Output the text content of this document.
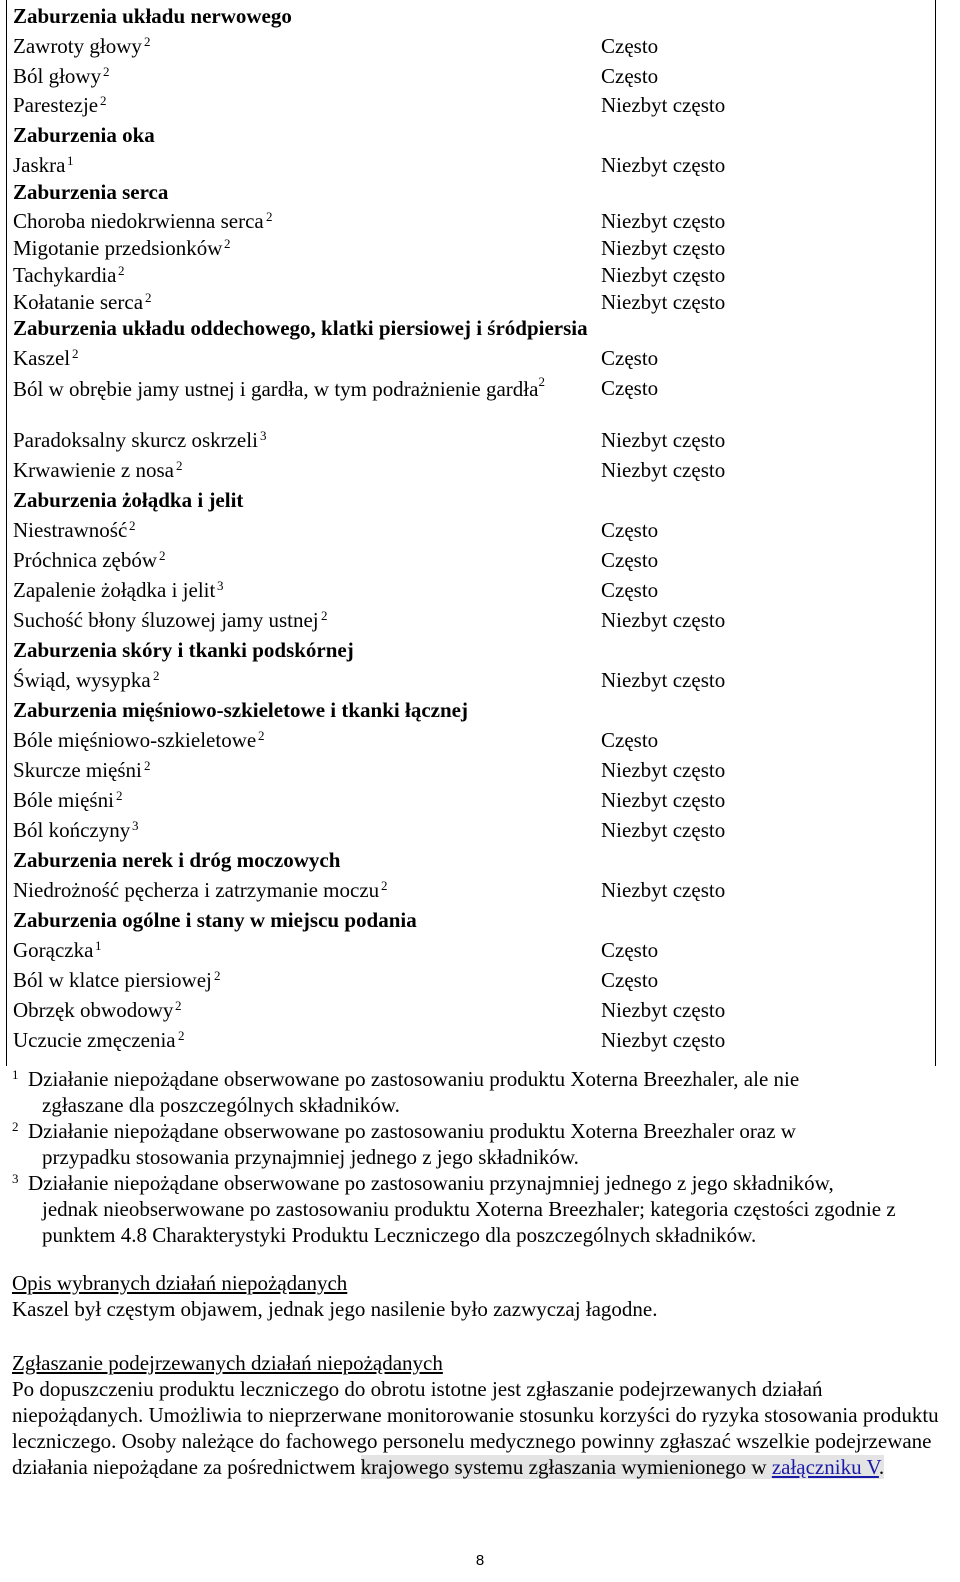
Zaburzenia układu nerwowego
Zawroty głowy 2	Często
Ból głowy 2	Często
Parestezje 2	Niezbyt często
Zaburzenia oka
Jaskra 1	Niezbyt często
Zaburzenia serca
Choroba niedokrwienna serca 2	Niezbyt często
Migotanie przedsionków 2	Niezbyt często
Tachykardia 2	Niezbyt często
Kołatanie serca 2	Niezbyt często
Zaburzenia układu oddechowego, klatki piersiowej i śródpiersia
Kaszel 2	Często
Ból w obrębie jamy ustnej i gardła, w tym podrażnienie gardła$^2$	Często
Paradoksalny skurcz oskrzeli 3	Niezbyt często
Krwawienie z nosa 2	Niezbyt często
Zaburzenia żołądka i jelit
Niestrawność 2	Często
Próchnica zębów 2	Często
Zapalenie żołądka i jelit 3	Często
Suchość błony śluzowej jamy ustnej 2	Niezbyt często
Zaburzenia skóry i tkanki podskórnej
Świąd, wysypka 2	Niezbyt często
Zaburzenia mięśniowo-szkieletowe i tkanki łącznej
Bóle mięśniowo-szkieletowe 2	Często
Skurcze mięśni 2	Niezbyt często
Bóle mięśni 2	Niezbyt często
Ból kończyny 3	Niezbyt często
Zaburzenia nerek i dróg moczowych
Niedrożność pęcherza i zatrzymanie moczu 2	Niezbyt często
Zaburzenia ogólne i stany w miejscu podania
Gorączka 1	Często
Ból w klatce piersiowej 2	Często
Obrzęk obwodowy 2	Niezbyt często
Uczucie zmęczenia 2	Niezbyt często
1 Działanie niepożądane obserwowane po zastosowaniu produktu Xoterna Breezhaler, ale nie
zgłaszane dla poszczególnych składników.

2 Działanie niepożądane obserwowane po zastosowaniu produktu Xoterna Breezhaler oraz w
przypadku stosowania przynajmniej jednego z jego składników.

3 Działanie niepożądane obserwowane po zastosowaniu przynajmniej jednego z jego składników,
jednak nieobserwowane po zastosowaniu produktu Xoterna Breezhaler; kategoria częstości zgodnie z punktem 4.8 Charakterystyki Produktu Leczniczego dla poszczególnych składników.

Opis wybranych działań niepożądanych

Kaszel był częstym objawem, jednak jego nasilenie było zazwyczaj łagodne.

Zgłaszanie podejrzewanych działań niepożądanych

Po dopuszczeniu produktu leczniczego do obrotu istotne jest zgłaszanie podejrzewanych działań niepożądanych. Umożliwia to nieprzerwane monitorowanie stosunku korzyści do ryzyka stosowania produktu leczniczego. Osoby należące do fachowego personelu medycznego powinny zgłaszać wszelkie podejrzewane działania niepożądane za pośrednictwem krajowego systemu zgłaszania wymienionego w załączniku V.

8
